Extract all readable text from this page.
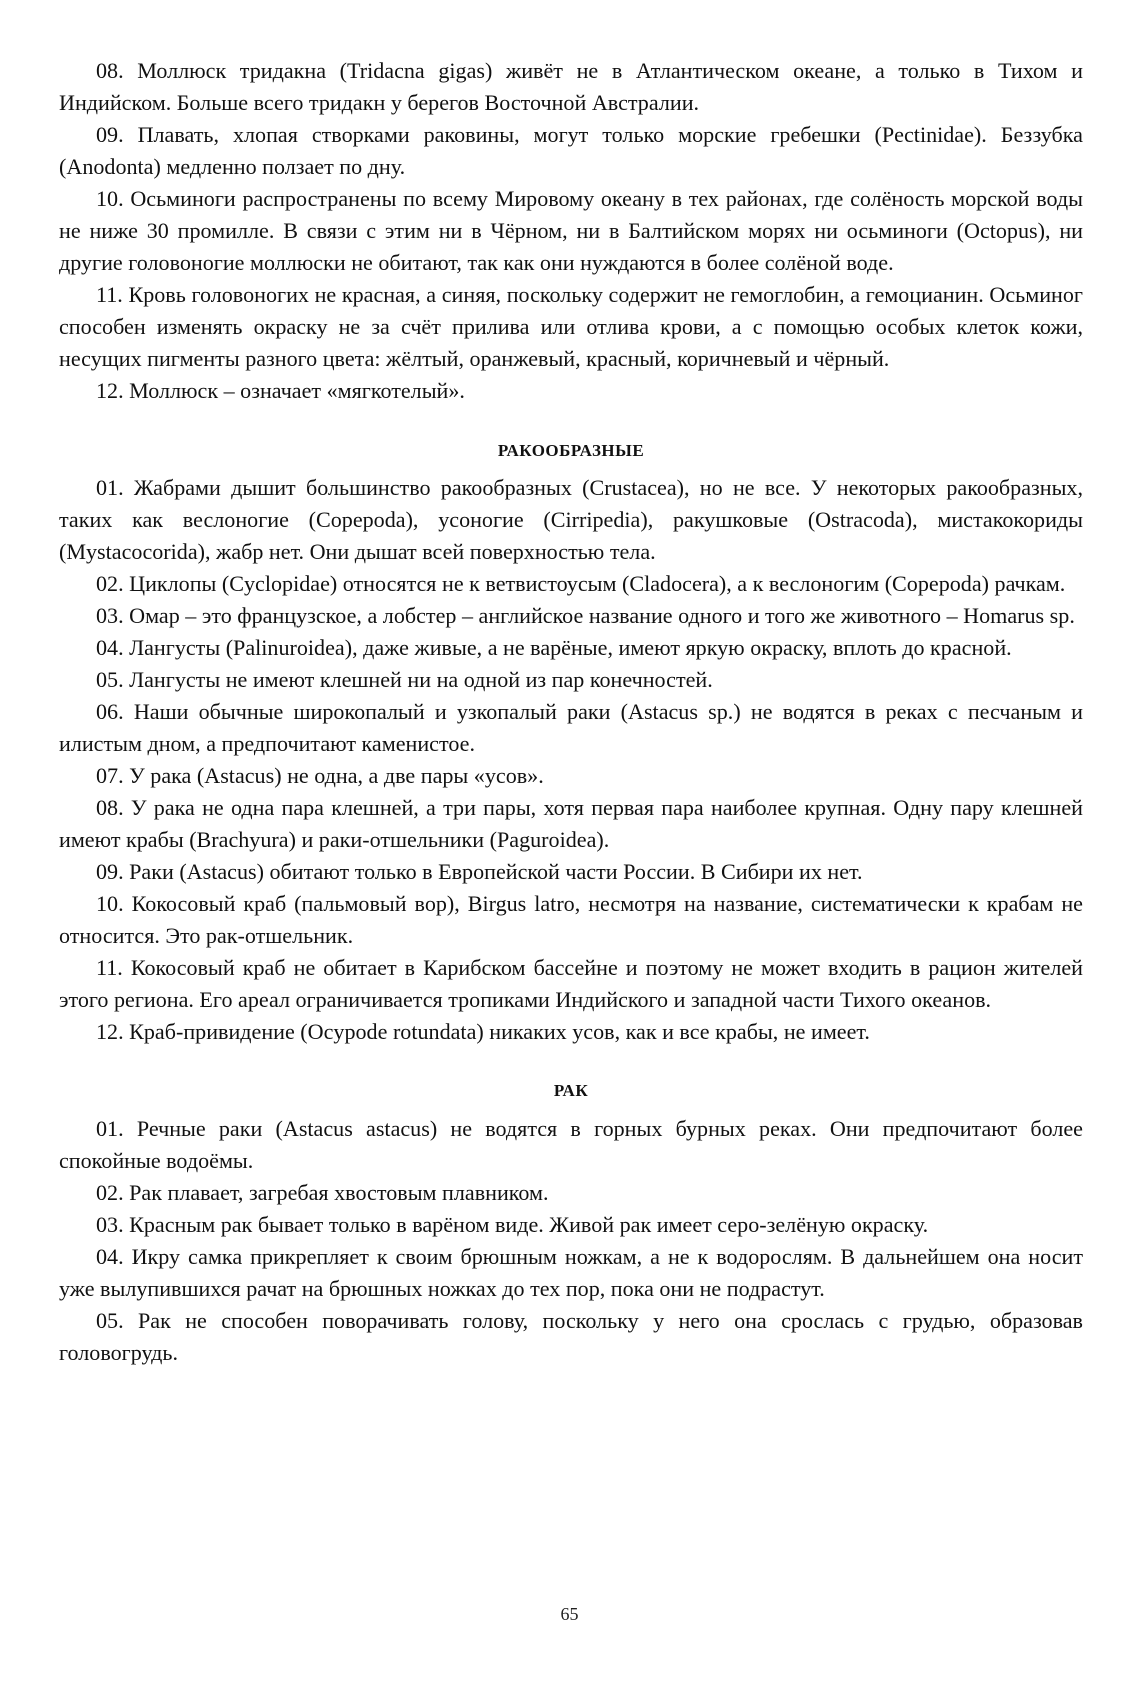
08. Моллюск тридакна (Tridacna gigas) живёт не в Атлантическом океане, а только в Тихом и Индийском. Больше всего тридакн у берегов Восточной Австралии.

09. Плавать, хлопая створками раковины, могут только морские гребешки (Pectinidae). Беззубка (Anodonta) медленно ползает по дну.

10. Осьминоги распространены по всему Мировому океану в тех районах, где солёность морской воды не ниже 30 промилле. В связи с этим ни в Чёрном, ни в Балтийском морях ни осьминоги (Octopus), ни другие головоногие моллюски не обитают, так как они нуждаются в более солёной воде.

11. Кровь головоногих не красная, а синяя, поскольку содержит не гемоглобин, а гемоцианин. Осьминог способен изменять окраску не за счёт прилива или отлива крови, а с помощью особых клеток кожи, несущих пигменты разного цвета: жёлтый, оранжевый, красный, коричневый и чёрный.

12. Моллюск – означает «мягкотелый».

РАКООБРАЗНЫЕ

01. Жабрами дышит большинство ракообразных (Crustacea), но не все. У некоторых ракообразных, таких как веслоногие (Copepoda), усоногие (Cirripedia), ракушковые (Ostracoda), мистакокориды (Mystacocorida), жабр нет. Они дышат всей поверхностью тела.

02. Циклопы (Cyclopidae) относятся не к ветвистоусым (Cladocera), а к веслоногим (Copepoda) рачкам.

03. Омар – это французское, а лобстер – английское название одного и того же животного – Homarus sp.

04. Лангусты (Palinuroidea), даже живые, а не варёные, имеют яркую окраску, вплоть до красной.

05. Лангусты не имеют клешней ни на одной из пар конечностей.

06. Наши обычные широкопалый и узкопалый раки (Astacus sp.) не водятся в реках с песчаным и илистым дном, а предпочитают каменистое.

07. У рака (Astacus) не одна, а две пары «усов».

08. У рака не одна пара клешней, а три пары, хотя первая пара наиболее крупная. Одну пару клешней имеют крабы (Brachyura) и раки-отшельники (Paguroidea).

09. Раки (Astacus) обитают только в Европейской части России. В Сибири их нет.

10. Кокосовый краб (пальмовый вор), Birgus latro, несмотря на название, систематически к крабам не относится. Это рак-отшельник.

11. Кокосовый краб не обитает в Карибском бассейне и поэтому не может входить в рацион жителей этого региона. Его ареал ограничивается тропиками Индийского и западной части Тихого океанов.

12. Краб-привидение (Ocypode rotundata) никаких усов, как и все крабы, не имеет.

РАК

01. Речные раки (Astacus astacus) не водятся в горных бурных реках. Они предпочитают более спокойные водоёмы.

02. Рак плавает, загребая хвостовым плавником.

03. Красным рак бывает только в варёном виде. Живой рак имеет серо-зелёную окраску.

04. Икру самка прикрепляет к своим брюшным ножкам, а не к водорослям. В дальнейшем она носит уже вылупившихся рачат на брюшных ножках до тех пор, пока они не подрастут.

05. Рак не способен поворачивать голову, поскольку у него она срослась с грудью, образовав головогрудь.

65
